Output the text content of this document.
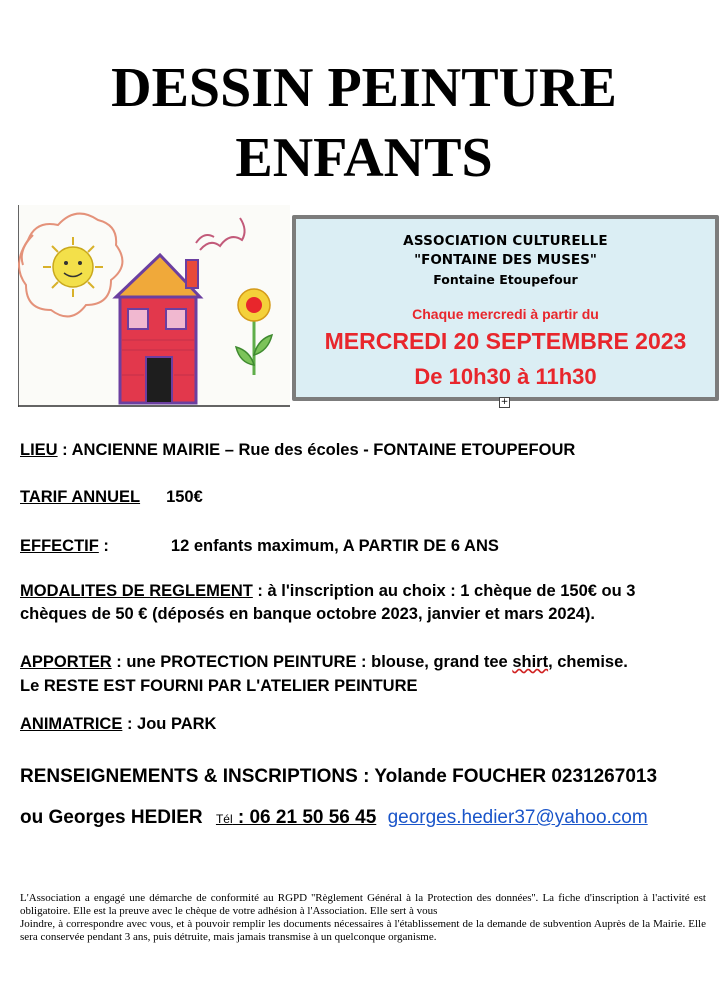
DESSIN PEINTURE
ENFANTS
ASSOCIATION CULTURELLE
"FONTAINE DES MUSES"
Fontaine Etoupefour
Chaque mercredi à partir du
MERCREDI 20 SEPTEMBRE 2023
De 10h30 à 11h30
+
LIEU : ANCIENNE MAIRIE – Rue des écoles - FONTAINE ETOUPEFOUR
TARIF ANNUEL 150€
EFFECTIF :	12 enfants maximum, A PARTIR DE 6 ANS
MODALITES DE REGLEMENT : à l'inscription au choix : 1 chèque de 150€ ou 3
chèques de 50 € (déposés en banque octobre 2023, janvier et mars 2024).
APPORTER : une PROTECTION PEINTURE : blouse, grand tee shirt, chemise.
Le RESTE EST FOURNI PAR L'ATELIER PEINTURE
ANIMATRICE : Jou PARK
RENSEIGNEMENTS & INSCRIPTIONS : Yolande FOUCHER 0231267013
ou Georges HEDIER Tél : 06 21 50 56 45 georges.hedier37@yahoo.com

L'Association a engagé une démarche de conformité au RGPD ''Règlement Général à la Protection des données''. La fiche d'inscription à l'activité est obligatoire. Elle est la preuve avec le chèque de votre adhésion à l'Association. Elle sert à vous

Joindre, à correspondre avec vous, et à pouvoir remplir les documents nécessaires à l'établissement de la demande de subvention Auprès de la Mairie. Elle sera conservée pendant 3 ans, puis détruite, mais jamais transmise à un quelconque organisme.
